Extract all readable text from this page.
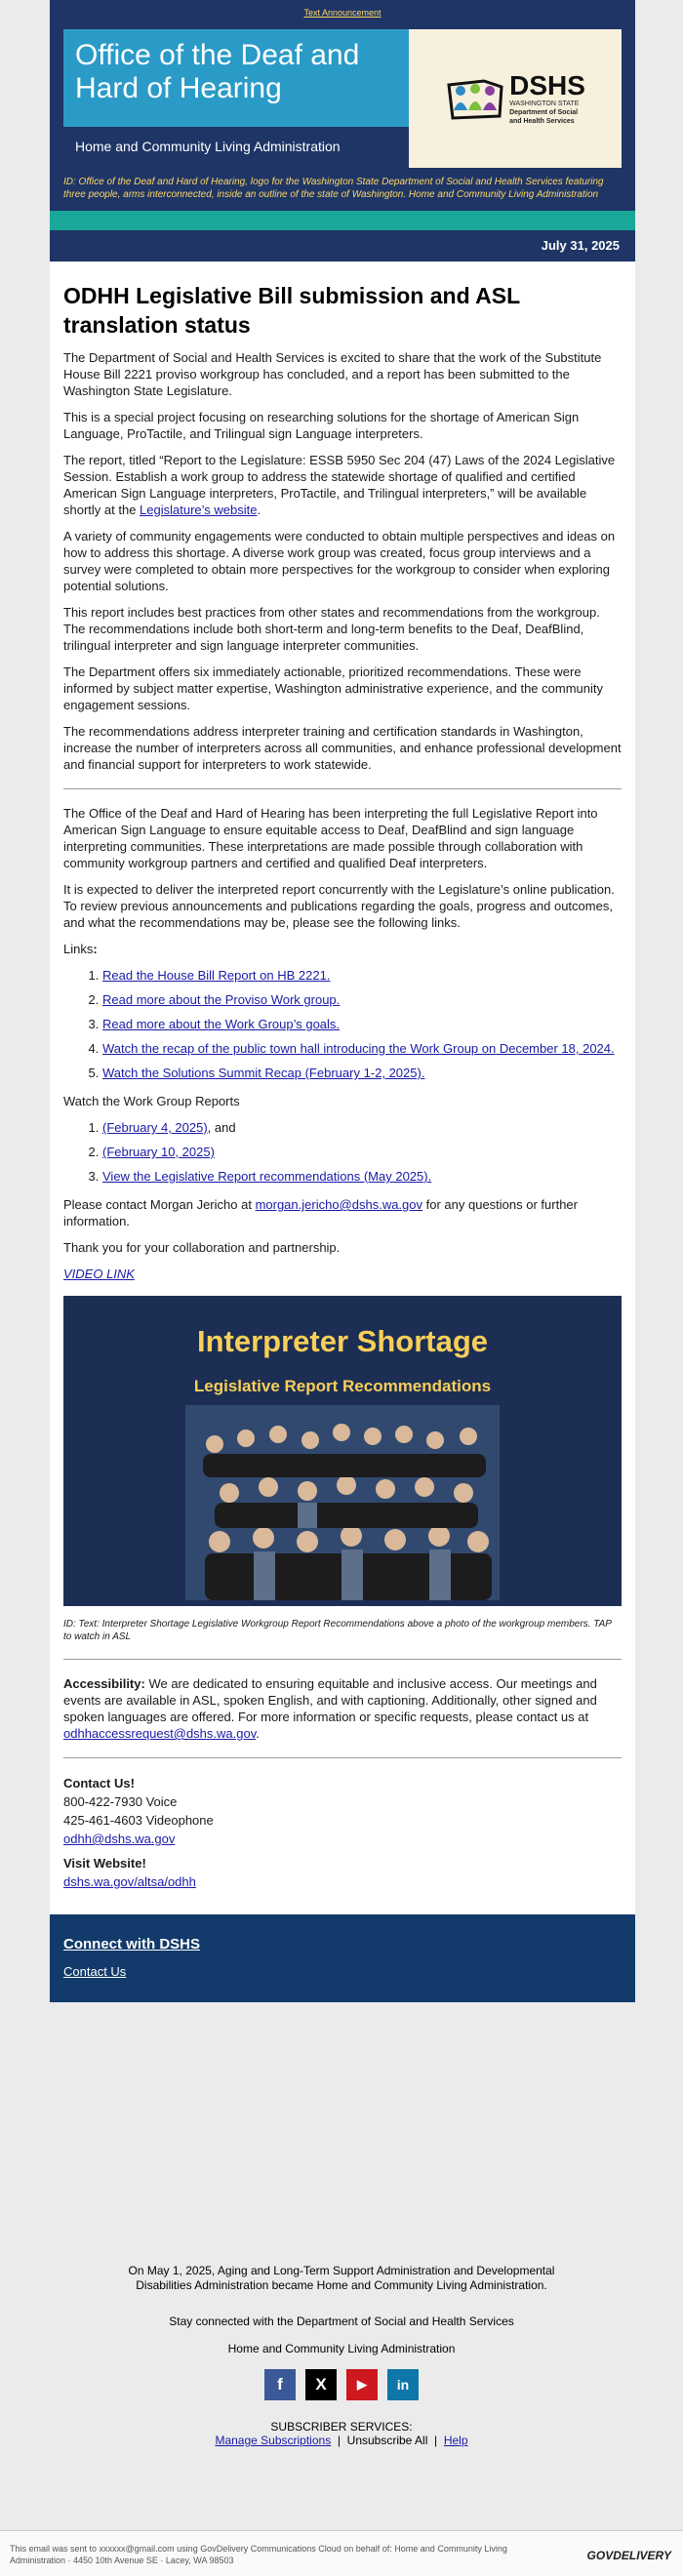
Text Announcement
Office of the Deaf and Hard of Hearing
Home and Community Living Administration
DSHS
WASHINGTON STATE
Department of Social
and Health Services
ID: Office of the Deaf and Hard of Hearing, logo for the Washington State Department of Social and Health Services featuring three people, arms interconnected, inside an outline of the state of Washington. Home and Community Living Administration
July 31, 2025
ODHH Legislative Bill submission and ASL translation status

The Department of Social and Health Services is excited to share that the work of the Substitute House Bill 2221 proviso workgroup has concluded, and a report has been submitted to the Washington State Legislature.

This is a special project focusing on researching solutions for the shortage of American Sign Language, ProTactile, and Trilingual sign Language interpreters.

The report, titled “Report to the Legislature: ESSB 5950 Sec 204 (47) Laws of the 2024 Legislative Session. Establish a work group to address the statewide shortage of qualified and certified American Sign Language interpreters, ProTactile, and Trilingual interpreters,” will be available shortly at the Legislature’s website.

A variety of community engagements were conducted to obtain multiple perspectives and ideas on how to address this shortage. A diverse work group was created, focus group interviews and a survey were completed to obtain more perspectives for the workgroup to consider when exploring potential solutions.

This report includes best practices from other states and recommendations from the workgroup. The recommendations include both short-term and long-term benefits to the Deaf, DeafBlind, trilingual interpreter and sign language interpreter communities.

The Department offers six immediately actionable, prioritized recommendations. These were informed by subject matter expertise, Washington administrative experience, and the community engagement sessions.

The recommendations address interpreter training and certification standards in Washington, increase the number of interpreters across all communities, and enhance professional development and financial support for interpreters to work statewide.

The Office of the Deaf and Hard of Hearing has been interpreting the full Legislative Report into American Sign Language to ensure equitable access to Deaf, DeafBlind and sign language interpreting communities. These interpretations are made possible through collaboration with community workgroup partners and certified and qualified Deaf interpreters.

It is expected to deliver the interpreted report concurrently with the Legislature’s online publication. To review previous announcements and publications regarding the goals, progress and outcomes, and what the recommendations may be, please see the following links.

Links:

1. Read the House Bill Report on HB 2221.
2. Read more about the Proviso Work group.
3. Read more about the Work Group’s goals.
4. Watch the recap of the public town hall introducing the Work Group on December 18, 2024.
5. Watch the Solutions Summit Recap (February 1-2, 2025).

Watch the Work Group Reports

1. (February 4, 2025), and
2. (February 10, 2025)
3. View the Legislative Report recommendations (May 2025).

Please contact Morgan Jericho at morgan.jericho@dshs.wa.gov for any questions or further information.

Thank you for your collaboration and partnership.

VIDEO LINK

Interpreter Shortage
Legislative Report Recommendations
ID: Text: Interpreter Shortage Legislative Workgroup Report Recommendations above a photo of the workgroup members. TAP to watch in ASL

Accessibility: We are dedicated to ensuring equitable and inclusive access. Our meetings and events are available in ASL, spoken English, and with captioning. Additionally, other signed and spoken languages are offered. For more information or specific requests, please contact us at odhhaccessrequest@dshs.wa.gov.

Contact Us!
800-422-7930 Voice
425-461-4603 Videophone
odhh@dshs.wa.gov
Visit Website!
dshs.wa.gov/altsa/odhh
Connect with DSHS
Contact Us

On May 1, 2025, Aging and Long-Term Support Administration and Developmental Disabilities Administration became Home and Community Living Administration.

Stay connected with the Department of Social and Health Services

Home and Community Living Administration

f	X	▶	in

SUBSCRIBER SERVICES:

Manage Subscriptions | Unsubscribe All | Help

This email was sent to xxxxxx@gmail.com using GovDelivery Communications Cloud on behalf of: Home and Community Living Administration · 4450 10th Avenue SE · Lacey, WA 98503	GOVDELIVERY
